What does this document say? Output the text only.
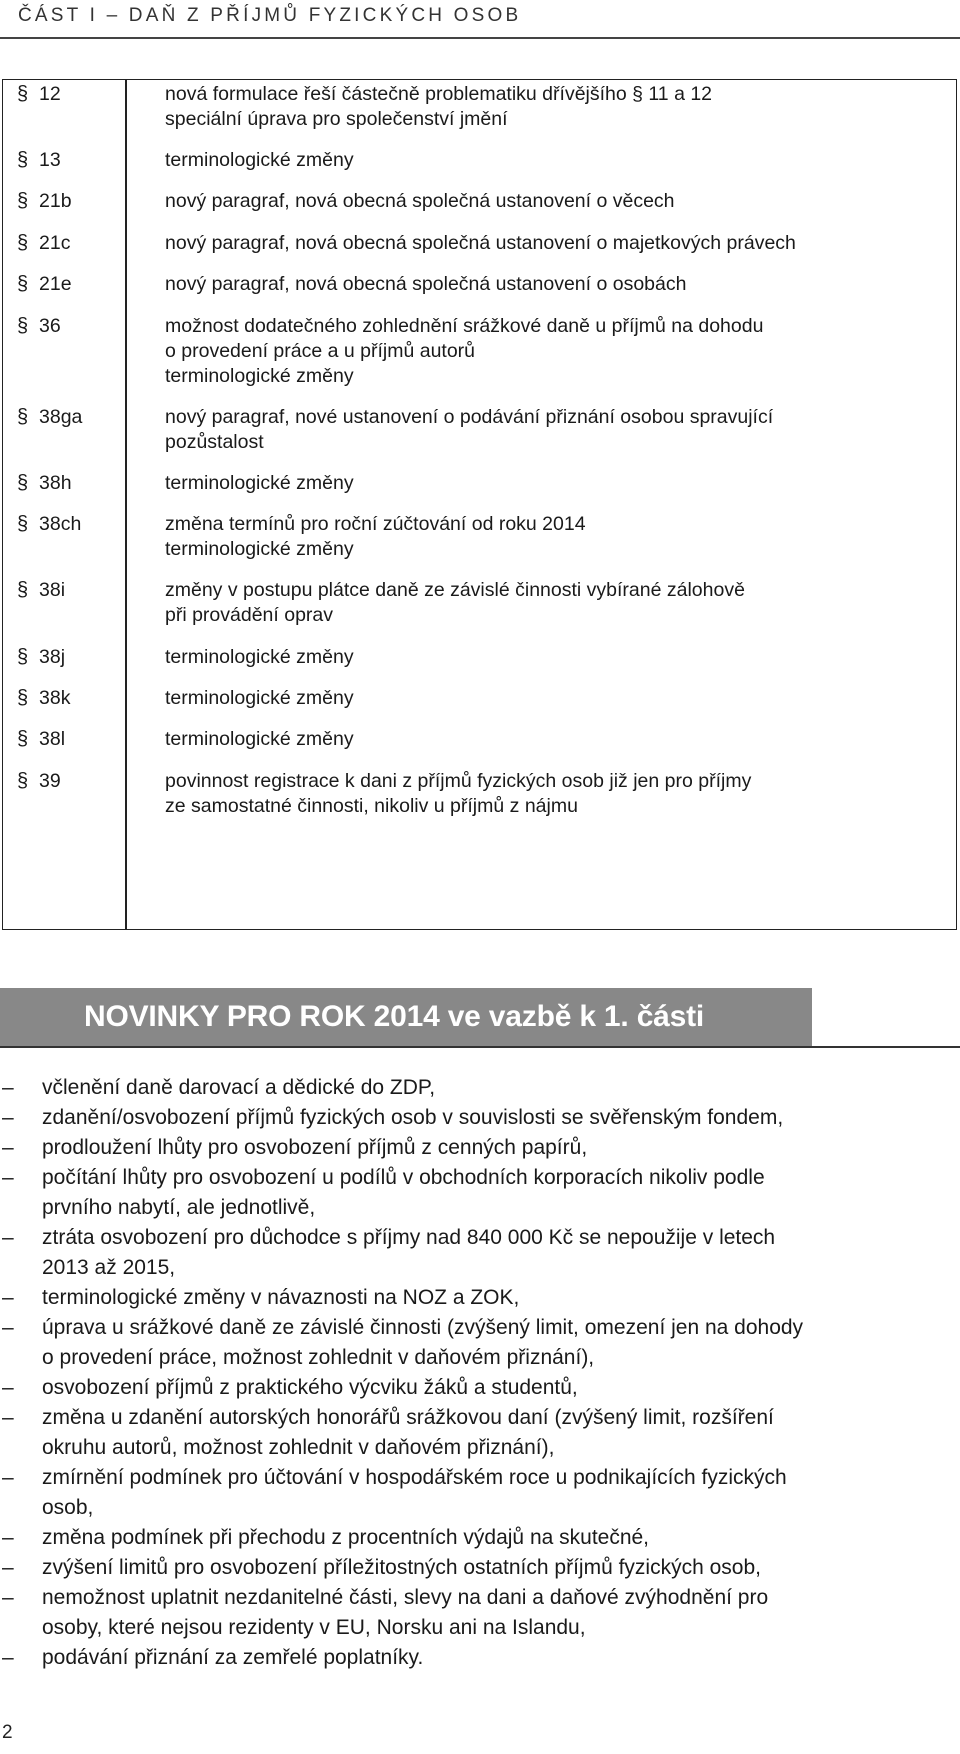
ČÁST I – DAŇ Z PŘÍJMŮ FYZICKÝCH OSOB
§ 12	nová formulace řeší částečně problematiku dřívějšího § 11 a 12
speciální úprava pro společenství jmění
§ 13	terminologické změny
§ 21b	nový paragraf, nová obecná společná ustanovení o věcech
§ 21c	nový paragraf, nová obecná společná ustanovení o majetkových právech
§ 21e	nový paragraf, nová obecná společná ustanovení o osobách
§ 36	možnost dodatečného zohlednění srážkové daně u příjmů na dohodu
o provedení práce a u příjmů autorů
terminologické změny
§ 38ga	nový paragraf, nové ustanovení o podávání přiznání osobou spravující
pozůstalost
§ 38h	terminologické změny
§ 38ch	změna termínů pro roční zúčtování od roku 2014
terminologické změny
§ 38i	změny v postupu plátce daně ze závislé činnosti vybírané zálohově
při provádění oprav
§ 38j	terminologické změny
§ 38k	terminologické změny
§ 38l	terminologické změny
§ 39	povinnost registrace k dani z příjmů fyzických osob již jen pro příjmy
ze samostatné činnosti, nikoliv u příjmů z nájmu
NOVINKY PRO ROK 2014 ve vazbě k 1. části
– včlenění daně darovací a dědické do ZDP,
– zdanění/osvobození příjmů fyzických osob v souvislosti se svěřenským fondem,
– prodloužení lhůty pro osvobození příjmů z cenných papírů,
– počítání lhůty pro osvobození u podílů v obchodních korporacích nikoliv podle
prvního nabytí, ale jednotlivě,
– ztráta osvobození pro důchodce s příjmy nad 840 000 Kč se nepoužije v letech
2013 až 2015,
– terminologické změny v návaznosti na NOZ a ZOK,
– úprava u srážkové daně ze závislé činnosti (zvýšený limit, omezení jen na dohody
o provedení práce, možnost zohlednit v daňovém přiznání),
– osvobození příjmů z praktického výcviku žáků a studentů,
– změna u zdanění autorských honorářů srážkovou daní (zvýšený limit, rozšíření
okruhu autorů, možnost zohlednit v daňovém přiznání),
– zmírnění podmínek pro účtování v hospodářském roce u podnikajících fyzických
osob,
– změna podmínek při přechodu z procentních výdajů na skutečné,
– zvýšení limitů pro osvobození příležitostných ostatních příjmů fyzických osob,
– nemožnost uplatnit nezdanitelné části, slevy na dani a daňové zvýhodnění pro
osoby, které nejsou rezidenty v EU, Norsku ani na Islandu,
– podávání přiznání za zemřelé poplatníky.
2
